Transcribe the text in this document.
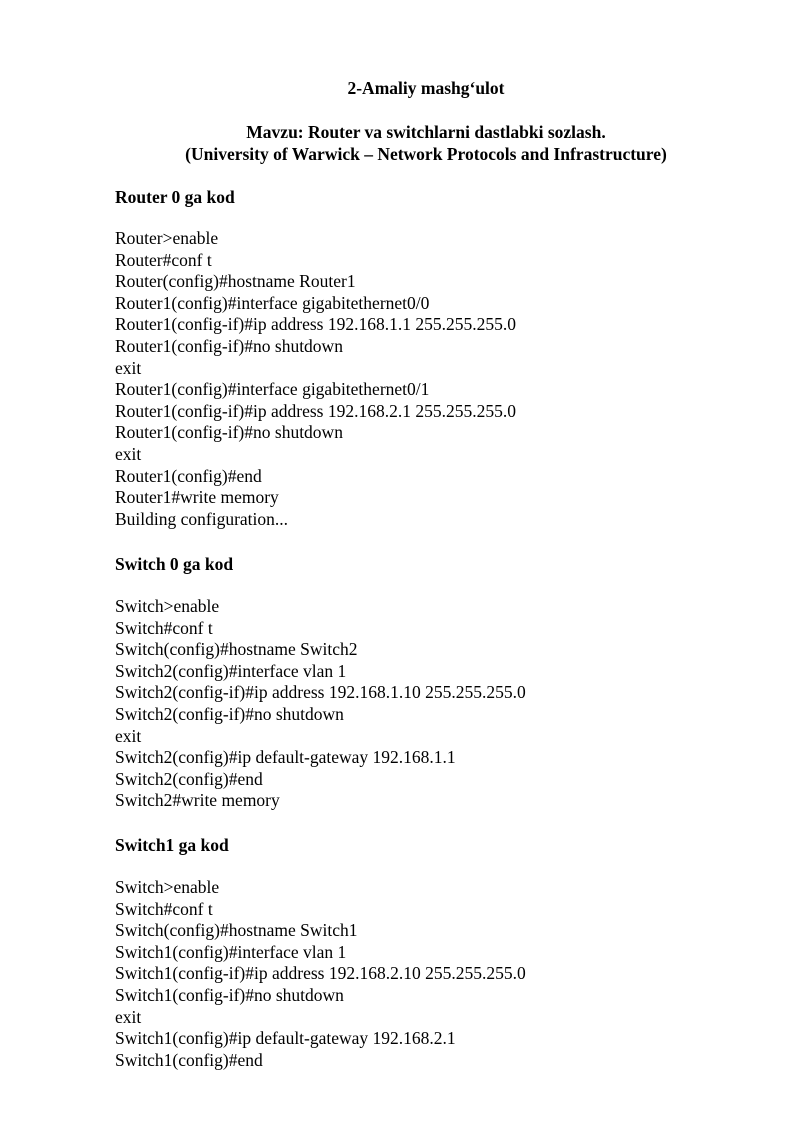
2-Amaliy mashg‘ulot
Mavzu: Router va switchlarni dastlabki sozlash.
(University of Warwick – Network Protocols and Infrastructure)
Router 0 ga kod
Router>enable
Router#conf t
Router(config)#hostname Router1
Router1(config)#interface gigabitethernet0/0
Router1(config-if)#ip address 192.168.1.1 255.255.255.0
Router1(config-if)#no shutdown
exit
Router1(config)#interface gigabitethernet0/1
Router1(config-if)#ip address 192.168.2.1 255.255.255.0
Router1(config-if)#no shutdown
exit
Router1(config)#end
Router1#write memory
Building configuration...
Switch 0 ga kod
Switch>enable
Switch#conf t
Switch(config)#hostname Switch2
Switch2(config)#interface vlan 1
Switch2(config-if)#ip address 192.168.1.10 255.255.255.0
Switch2(config-if)#no shutdown
exit
Switch2(config)#ip default-gateway 192.168.1.1
Switch2(config)#end
Switch2#write memory
Switch1 ga kod
Switch>enable
Switch#conf t
Switch(config)#hostname Switch1
Switch1(config)#interface vlan 1
Switch1(config-if)#ip address 192.168.2.10 255.255.255.0
Switch1(config-if)#no shutdown
exit
Switch1(config)#ip default-gateway 192.168.2.1
Switch1(config)#end
